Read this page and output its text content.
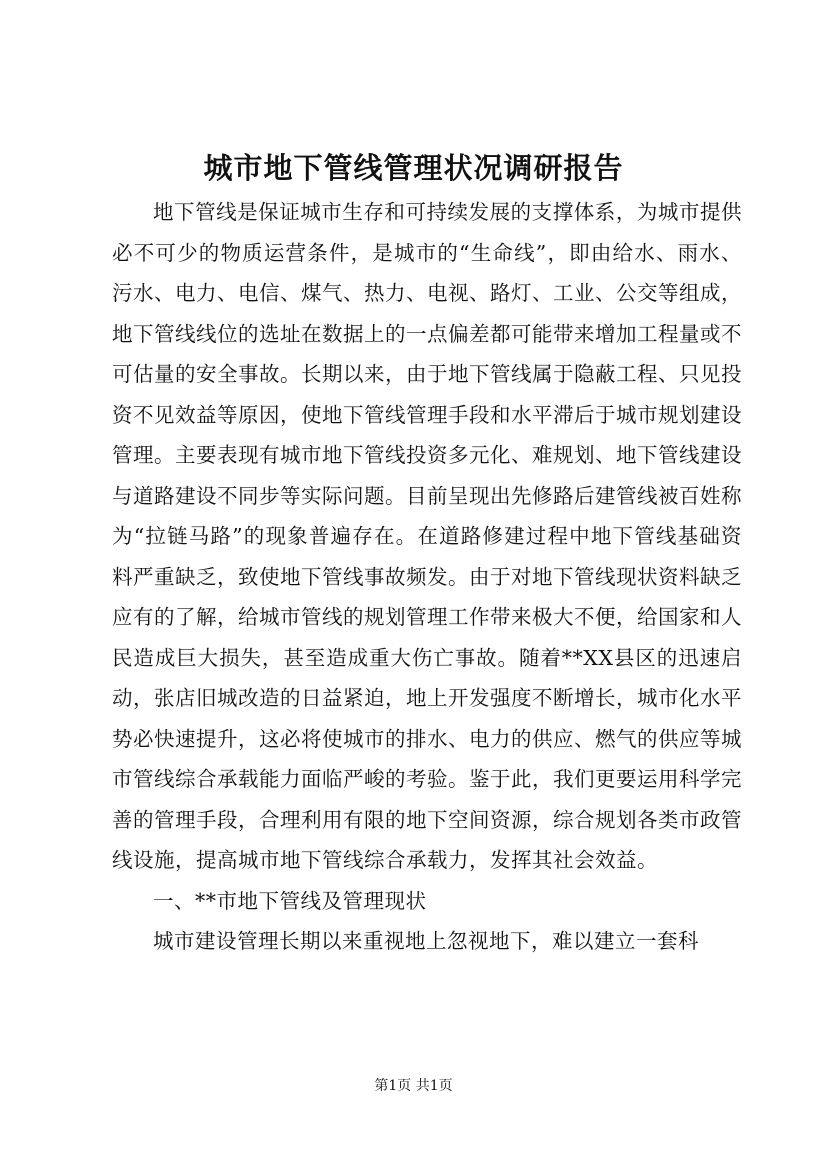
城市地下管线管理状况调研报告

地下管线是保证城市生存和可持续发展的支撑体系，为城市提供必不可少的物质运营条件，是城市的“生命线”，即由给水、雨水、污水、电力、电信、煤气、热力、电视、路灯、工业、公交等组成，地下管线线位的选址在数据上的一点偏差都可能带来增加工程量或不可估量的安全事故。长期以来，由于地下管线属于隐蔽工程、只见投资不见效益等原因，使地下管线管理手段和水平滞后于城市规划建设管理。主要表现有城市地下管线投资多元化、难规划、地下管线建设与道路建设不同步等实际问题。目前呈现出先修路后建管线被百姓称为“拉链马路”的现象普遍存在。在道路修建过程中地下管线基础资料严重缺乏，致使地下管线事故频发。由于对地下管线现状资料缺乏应有的了解，给城市管线的规划管理工作带来极大不便，给国家和人民造成巨大损失，甚至造成重大伤亡事故。随着**XX县区的迅速启动，张店旧城改造的日益紧迫，地上开发强度不断增长，城市化水平势必快速提升，这必将使城市的排水、电力的供应、燃气的供应等城市管线综合承载能力面临严峻的考验。鉴于此，我们更要运用科学完善的管理手段，合理利用有限的地下空间资源，综合规划各类市政管线设施，提高城市地下管线综合承载力，发挥其社会效益。

一、**市地下管线及管理现状

城市建设管理长期以来重视地上忽视地下，难以建立一套科

第1页 共1页
